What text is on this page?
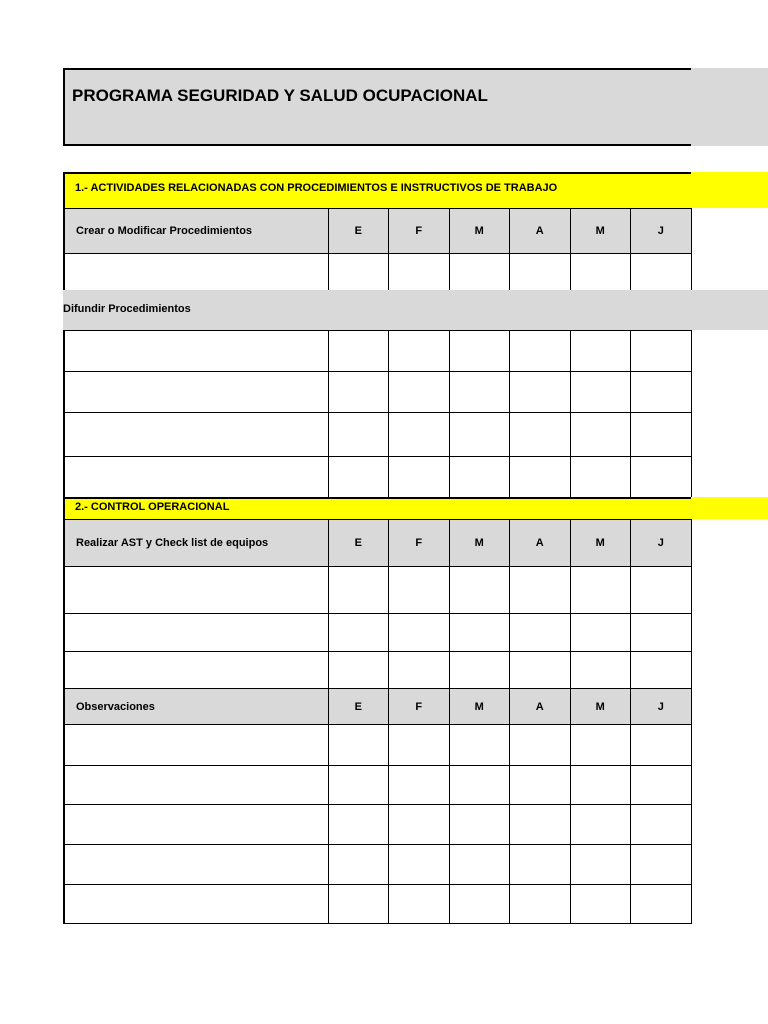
PROGRAMA SEGURIDAD Y SALUD OCUPACIONAL
1.- ACTIVIDADES RELACIONADAS CON PROCEDIMIENTOS E INSTRUCTIVOS DE TRABAJO
Crear o Modificar Procedimientos	E	F	M	A	M	J

Difundir Procedimientos

2.- CONTROL OPERACIONAL
Realizar AST y Check list de equipos	E	F	M	A	M	J

Observaciones	E	F	M	A	M	J
